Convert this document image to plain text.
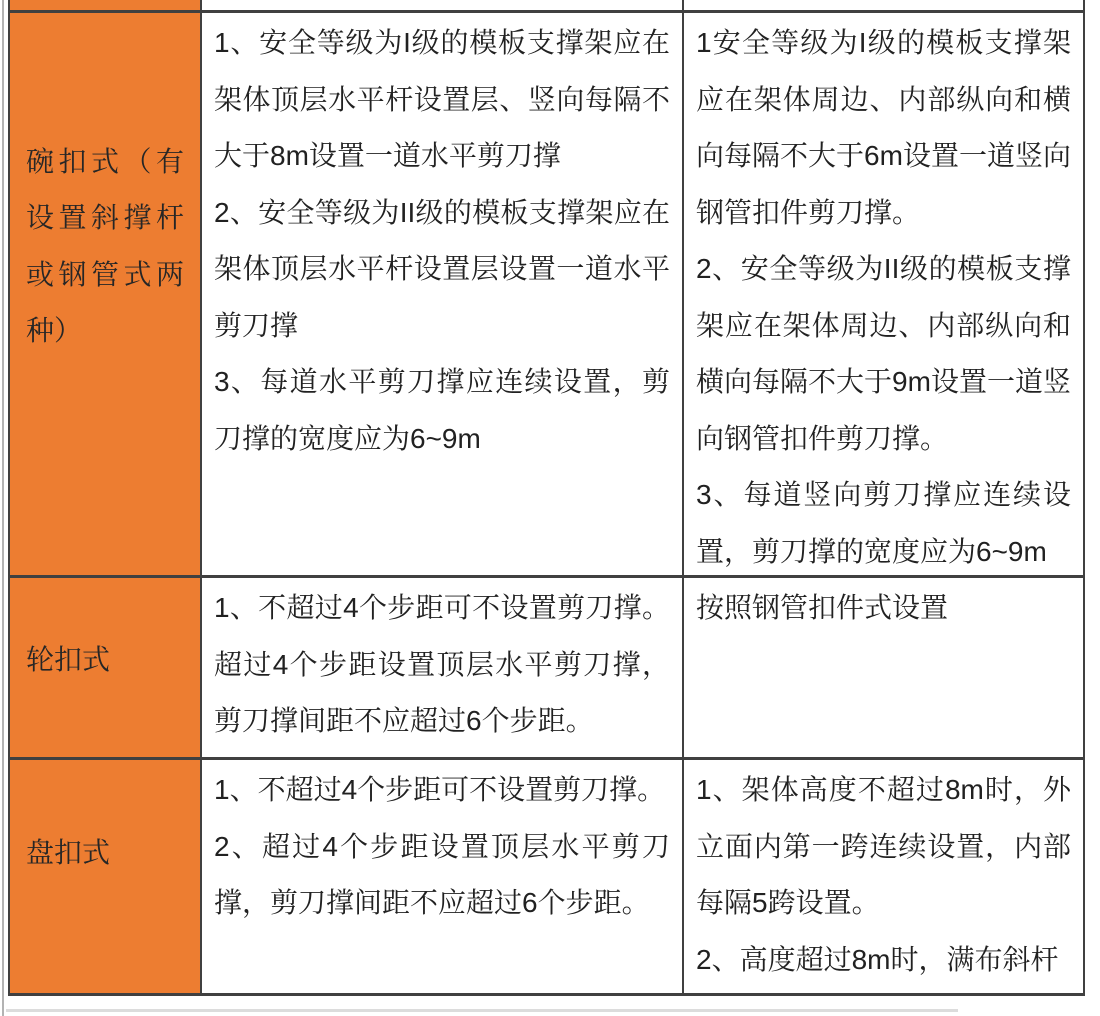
碗扣式（有设置斜撑杆或钢管式两种）

1、安全等级为I级的模板支撑架应在架体顶层水平杆设置层、竖向每隔不大于8m设置一道水平剪刀撑

2、安全等级为II级的模板支撑架应在架体顶层水平杆设置层设置一道水平剪刀撑

3、每道水平剪刀撑应连续设置，剪刀撑的宽度应为6~9m

1安全等级为I级的模板支撑架应在架体周边、内部纵向和横向每隔不大于6m设置一道竖向钢管扣件剪刀撑。

2、安全等级为II级的模板支撑架应在架体周边、内部纵向和横向每隔不大于9m设置一道竖向钢管扣件剪刀撑。

3、每道竖向剪刀撑应连续设置，剪刀撑的宽度应为6~9m

轮扣式

1、不超过4个步距可不设置剪刀撑。超过4个步距设置顶层水平剪刀撑，剪刀撑间距不应超过6个步距。

按照钢管扣件式设置

盘扣式

1、不超过4个步距可不设置剪刀撑。

2、超过4个步距设置顶层水平剪刀撑，剪刀撑间距不应超过6个步距。

1、架体高度不超过8m时，外立面内第一跨连续设置，内部每隔5跨设置。

2、高度超过8m时，满布斜杆
